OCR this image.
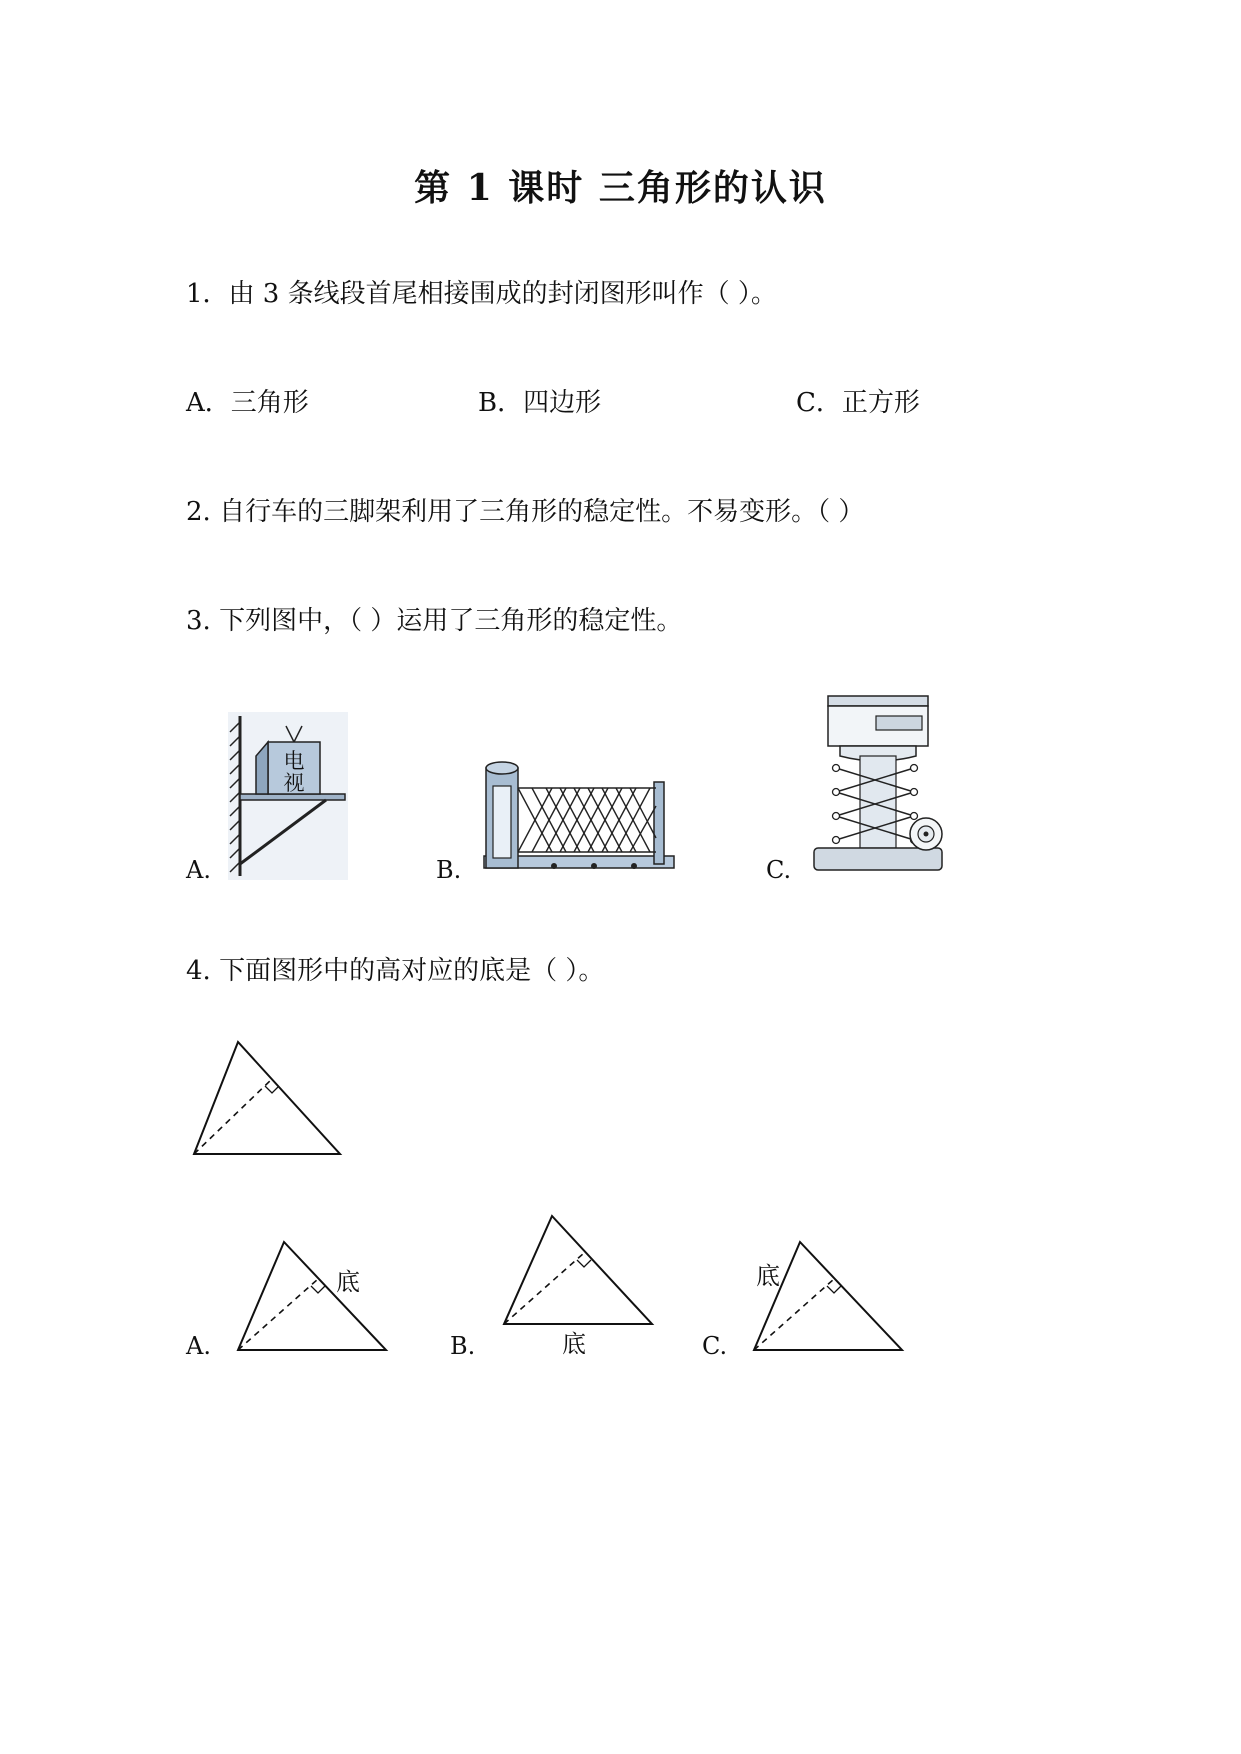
第 1 课时 三角形的认识
1．由 3 条线段首尾相接围成的封闭图形叫作（ ）。
A．三角形	B．四边形	C．正方形
2. 自行车的三脚架利用了三角形的稳定性。不易变形。（ ）
3. 下列图中，（ ）运用了三角形的稳定性。
A.	B.	C.
电
视
4. 下面图形中的高对应的底是（ ）。
A.	B.	C.
底
底
底
